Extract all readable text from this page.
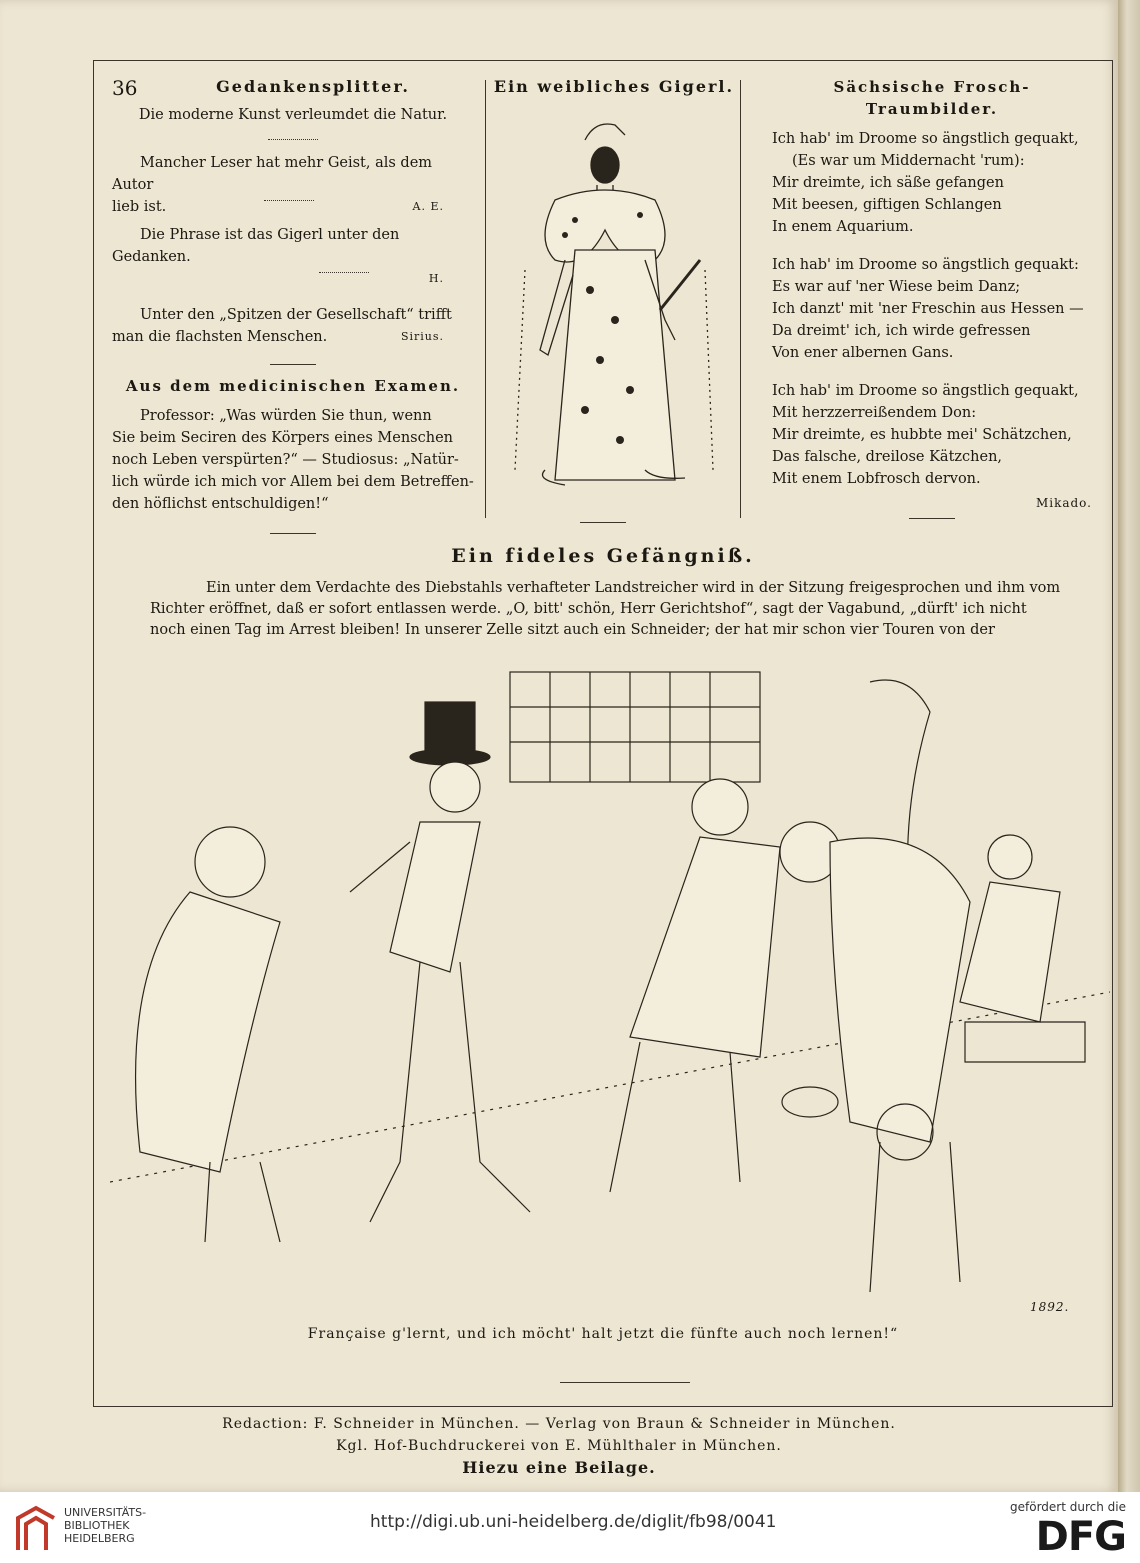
36	Gedankensplitter.

Die moderne Kunst verleumdet die Natur.

Mancher Leser hat mehr Geist, als dem Autor

lieb ist.	A. E.

Die Phrase ist das Gigerl unter den Gedanken.

H.

Unter den „Spitzen der Gesellschaft“ trifft

man die flachsten Menschen.	Sirius.
Aus dem medicinischen Examen.

Professor: „Was würden Sie thun, wenn

Sie beim Seciren des Körpers eines Menschen

noch Leben verspürten?“ — Studiosus: „Natür-

lich würde ich mich vor Allem bei dem Betreffen-

den höflichst entschuldigen!“

Ein weibliches Gigerl.	Sächsische Frosch-Traumbilder.

Ich hab' im Droome so ängstlich gequakt,

(Es war um Middernacht 'rum):

Mir dreimte, ich säße gefangen

Mit beesen, giftigen Schlangen

In enem Aquarium.

Ich hab' im Droome so ängstlich gequakt:

Es war auf 'ner Wiese beim Danz;

Ich danzt' mit 'ner Freschin aus Hessen —

Da dreimt' ich, ich wirde gefressen

Von ener albernen Gans.

Ich hab' im Droome so ängstlich gequakt,

Mit herzzerreißendem Don:

Mir dreimte, es hubbte mei' Schätzchen,

Das falsche, dreilose Kätzchen,

Mit enem Lobfrosch dervon.

Mikado.
Ein fideles Gefängniß.
Ein unter dem Verdachte des Diebstahls verhafteter Landstreicher wird in der Sitzung freigesprochen und ihm vom
Richter eröffnet, daß er sofort entlassen werde. „O, bitt' schön, Herr Gerichtshof“, sagt der Vagabund, „dürft' ich nicht
noch einen Tag im Arrest bleiben! In unserer Zelle sitzt auch ein Schneider; der hat mir schon vier Touren von der
1892.
Française g'lernt, und ich möcht' halt jetzt die fünfte auch noch lernen!“
Redaction: F. Schneider in München. — Verlag von Braun & Schneider in München.
Kgl. Hof-Buchdruckerei von E. Mühlthaler in München.
Hiezu eine Beilage.
UNIVERSITÄTS-
BIBLIOTHEK
HEIDELBERG
http://digi.ub.uni-heidelberg.de/diglit/fb98/0041
gefördert durch die
DFG
